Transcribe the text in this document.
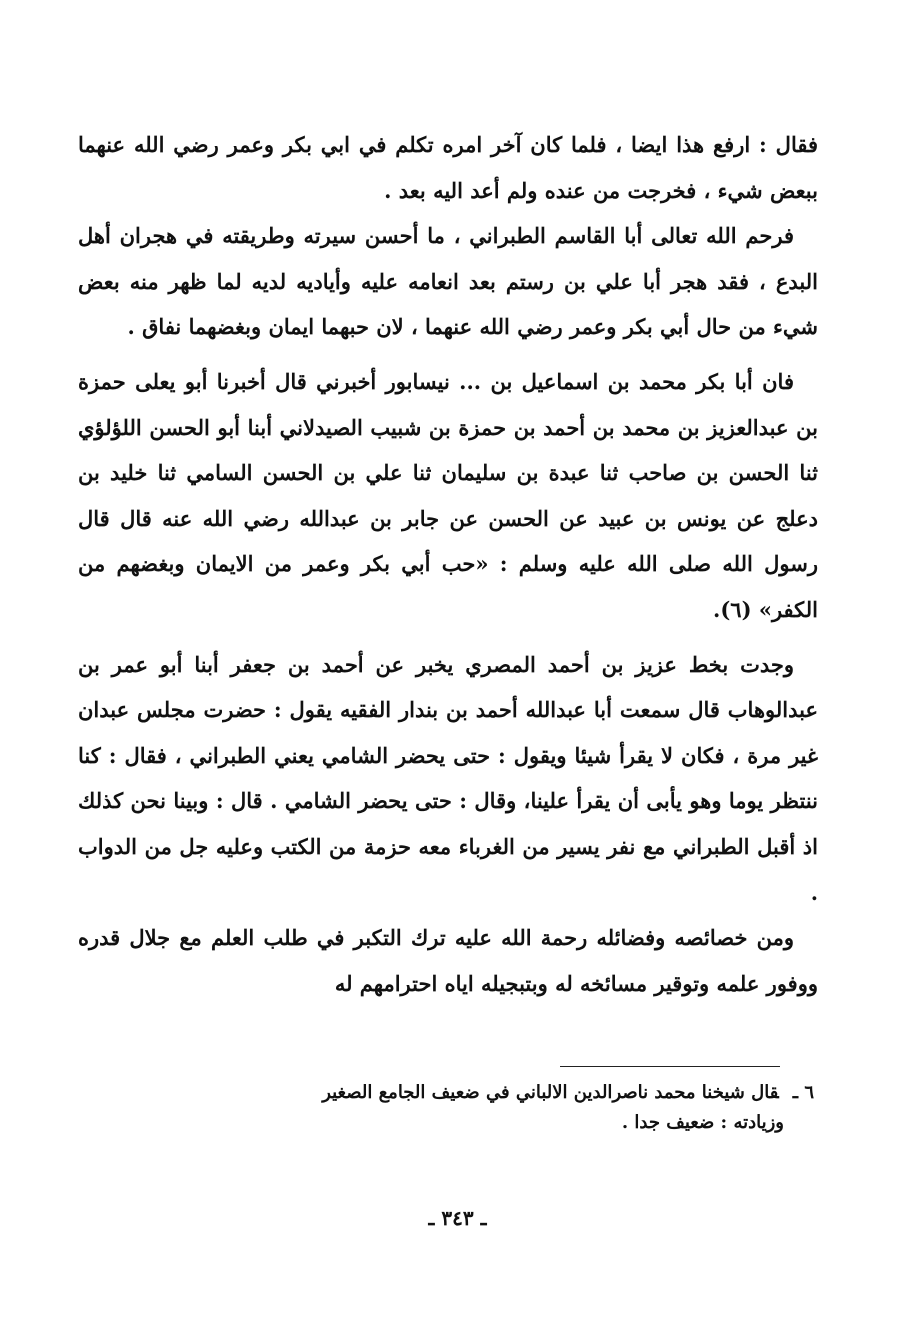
فقال : ارفع هذا ايضا ، فلما كان آخر امره تكلم في ابي بكر وعمر رضي الله عنهما ببعض شيء ، فخرجت من عنده ولم أعد اليه بعد .

فرحم الله تعالى أبا القاسم الطبراني ، ما أحسن سيرته وطريقته في هجران أهل البدع ، فقد هجر أبا علي بن رستم بعد انعامه عليه وأياديه لديه لما ظهر منه بعض شيء من حال أبي بكر وعمر رضي الله عنهما ، لان حبهما ايمان وبغضهما نفاق .

فان أبا بكر محمد بن اسماعيل بن ... نيسابور أخبرني قال أخبرنا أبو يعلى حمزة بن عبدالعزيز بن محمد بن أحمد بن حمزة بن شبيب الصيدلاني أبنا أبو الحسن اللؤلؤي ثنا الحسن بن صاحب ثنا عبدة بن سليمان ثنا علي بن الحسن السامي ثنا خليد بن دعلج عن يونس بن عبيد عن الحسن عن جابر بن عبدالله رضي الله عنه قال قال رسول الله صلى الله عليه وسلم : «حب أبي بكر وعمر من الايمان وبغضهم من الكفر» (٦).

وجدت بخط عزيز بن أحمد المصري يخبر عن أحمد بن جعفر أبنا أبو عمر بن عبدالوهاب قال سمعت أبا عبدالله أحمد بن بندار الفقيه يقول : حضرت مجلس عبدان غير مرة ، فكان لا يقرأ شيئا ويقول : حتى يحضر الشامي يعني الطبراني ، فقال : كنا ننتظر يوما وهو يأبى أن يقرأ علينا، وقال : حتى يحضر الشامي . قال : وبينا نحن كذلك اذ أقبل الطبراني مع نفر يسير من الغرباء معه حزمة من الكتب وعليه جل من الدواب .

ومن خصائصه وفضائله رحمة الله عليه ترك التكبر في طلب العلم مع جلال قدره ووفور علمه وتوقير مسائخه له وبتبجيله اياه احترامهم له

٦ ـقال شيخنا محمد ناصرالدين الالباني في ضعيف الجامع الصغير
وزيادته : ضعيف جدا .
ـ ٣٤٣ ـ
